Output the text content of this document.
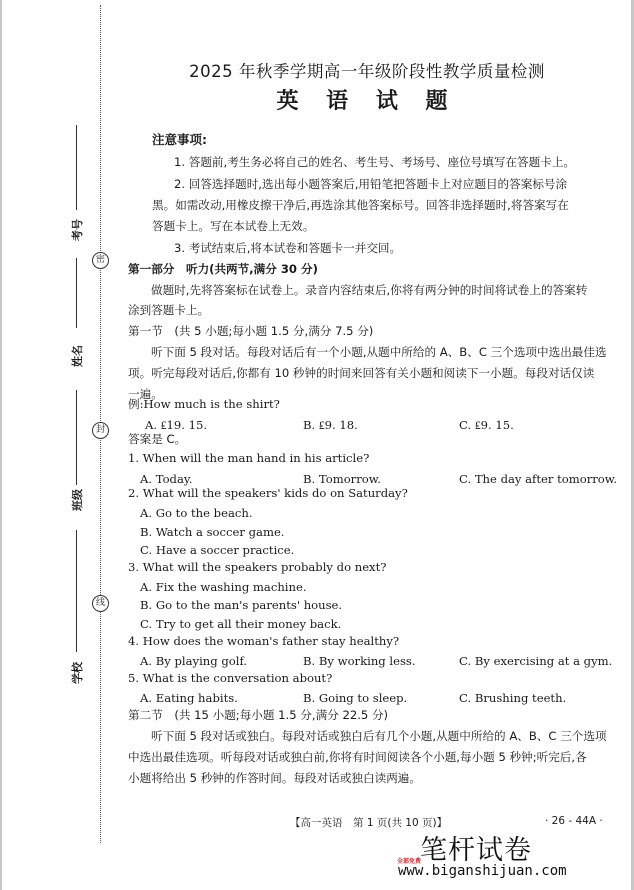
密
封
线
考号
姓名
班级
学校
2025 年秋季学期高一年级阶段性教学质量检测
英 语 试 题
注意事项:
1. 答题前,考生务必将自己的姓名、考生号、考场号、座位号填写在答题卡上。
2. 回答选择题时,选出每小题答案后,用铅笔把答题卡上对应题目的答案标号涂
黑。如需改动,用橡皮擦干净后,再选涂其他答案标号。回答非选择题时,将答案写在
答题卡上。写在本试卷上无效。
3. 考试结束后,将本试卷和答题卡一并交回。
第一部分　听力(共两节,满分 30 分)
做题时,先将答案标在试卷上。录音内容结束后,你将有两分钟的时间将试卷上的答案转
涂到答题卡上。
第一节　(共 5 小题;每小题 1.5 分,满分 7.5 分)
听下面 5 段对话。每段对话后有一个小题,从题中所给的 A、B、C 三个选项中选出最佳选
项。听完每段对话后,你都有 10 秒钟的时间来回答有关小题和阅读下一小题。每段对话仅读
一遍。
例:How much is the shirt?
A. ₤19. 15.	B. ₤9. 18.	C. ₤9. 15.
答案是 C。
1. When will the man hand in his article?
A. Today.	B. Tomorrow.	C. The day after tomorrow.
2. What will the speakers' kids do on Saturday?
A. Go to the beach.
B. Watch a soccer game.
C. Have a soccer practice.
3. What will the speakers probably do next?
A. Fix the washing machine.
B. Go to the man's parents' house.
C. Try to get all their money back.
4. How does the woman's father stay healthy?
A. By playing golf.	B. By working less.	C. By exercising at a gym.
5. What is the conversation about?
A. Eating habits.	B. Going to sleep.	C. Brushing teeth.
第二节　(共 15 小题;每小题 1.5 分,满分 22.5 分)
听下面 5 段对话或独白。每段对话或独白后有几个小题,从题中所给的 A、B、C 三个选项
中选出最佳选项。听每段对话或独白前,你将有时间阅读各个小题,每小题 5 秒钟;听完后,各
小题将给出 5 秒钟的作答时间。每段对话或独白读两遍。
【高一英语　第 1 页(共 10 页)】	· 26 - 44A ·
笔杆试卷
全部免费
www.biganshijuan.com
